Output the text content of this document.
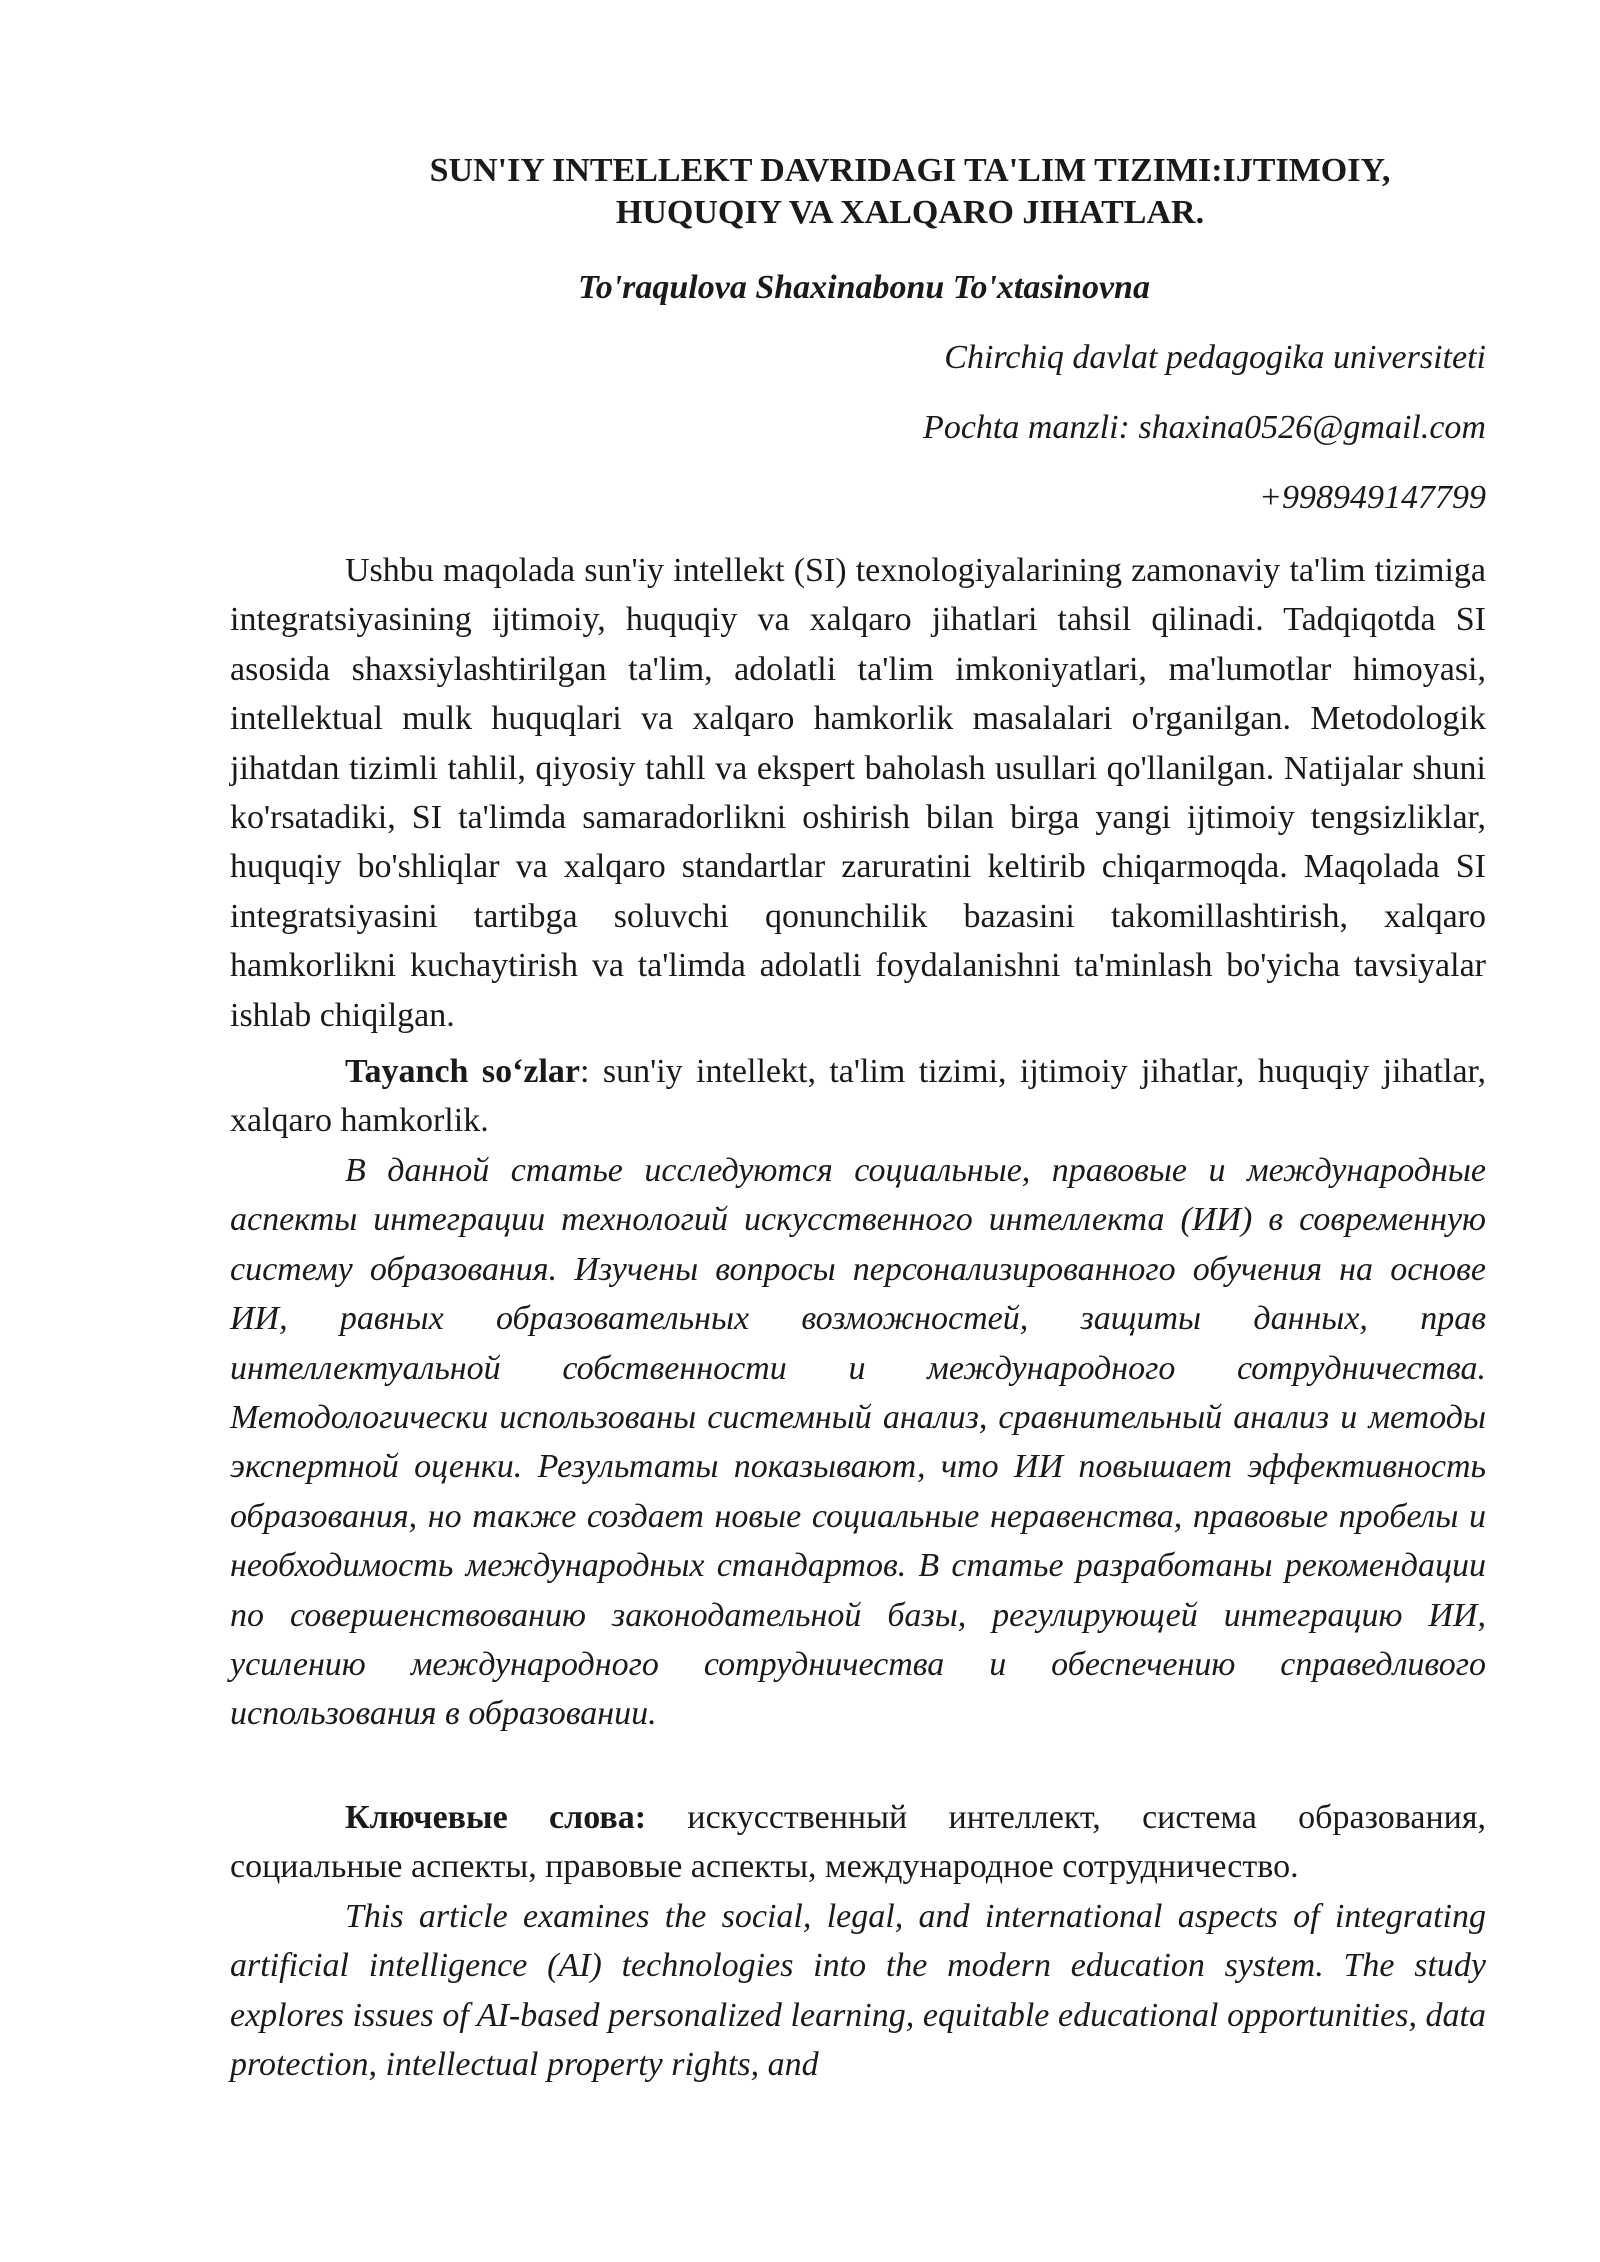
SUN'IY INTELLEKT DAVRIDAGI TA'LIM TIZIMI:IJTIMOIY,
HUQUQIY VA XALQARO JIHATLAR.
To'raqulova Shaxinabonu To'xtasinovna
Chirchiq davlat pedagogika universiteti
Pochta manzli: shaxina0526@gmail.com
+998949147799

Ushbu maqolada sun'iy intellekt (SI) texnologiyalarining zamonaviy ta'lim tizimiga integratsiyasining ijtimoiy, huquqiy va xalqaro jihatlari tahsil qilinadi. Tadqiqotda SI asosida shaxsiylashtirilgan ta'lim, adolatli ta'lim imkoniyatlari, ma'lumotlar himoyasi, intellektual mulk huquqlari va xalqaro hamkorlik masalalari o'rganilgan. Metodologik jihatdan tizimli tahlil, qiyosiy tahll va ekspert baholash usullari qo'llanilgan. Natijalar shuni ko'rsatadiki, SI ta'limda samaradorlikni oshirish bilan birga yangi ijtimoiy tengsizliklar, huquqiy bo'shliqlar va xalqaro standartlar zaruratini keltirib chiqarmoqda. Maqolada SI integratsiyasini tartibga soluvchi qonunchilik bazasini takomillashtirish, xalqaro hamkorlikni kuchaytirish va ta'limda adolatli foydalanishni ta'minlash bo'yicha tavsiyalar ishlab chiqilgan.

Tayanch so‘zlar: sun'iy intellekt, ta'lim tizimi, ijtimoiy jihatlar, huquqiy jihatlar, xalqaro hamkorlik.

В данной статье исследуются социальные, правовые и международные аспекты интеграции технологий искусственного интеллекта (ИИ) в современную систему образования. Изучены вопросы персонализированного обучения на основе ИИ, равных образовательных возможностей, защиты данных, прав интеллектуальной собственности и международного сотрудничества. Методологически использованы системный анализ, сравнительный анализ и методы экспертной оценки. Результаты показывают, что ИИ повышает эффективность образования, но также создает новые социальные неравенства, правовые пробелы и необходимость международных стандартов. В статье разработаны рекомендации по совершенствованию законодательной базы, регулирующей интеграцию ИИ, усилению международного сотрудничества и обеспечению справедливого использования в образовании.

Ключевые слова: искусственный интеллект, система образования, социальные аспекты, правовые аспекты, международное сотрудничество.

This article examines the social, legal, and international aspects of integrating artificial intelligence (AI) technologies into the modern education system. The study explores issues of AI-based personalized learning, equitable educational opportunities, data protection, intellectual property rights, and
